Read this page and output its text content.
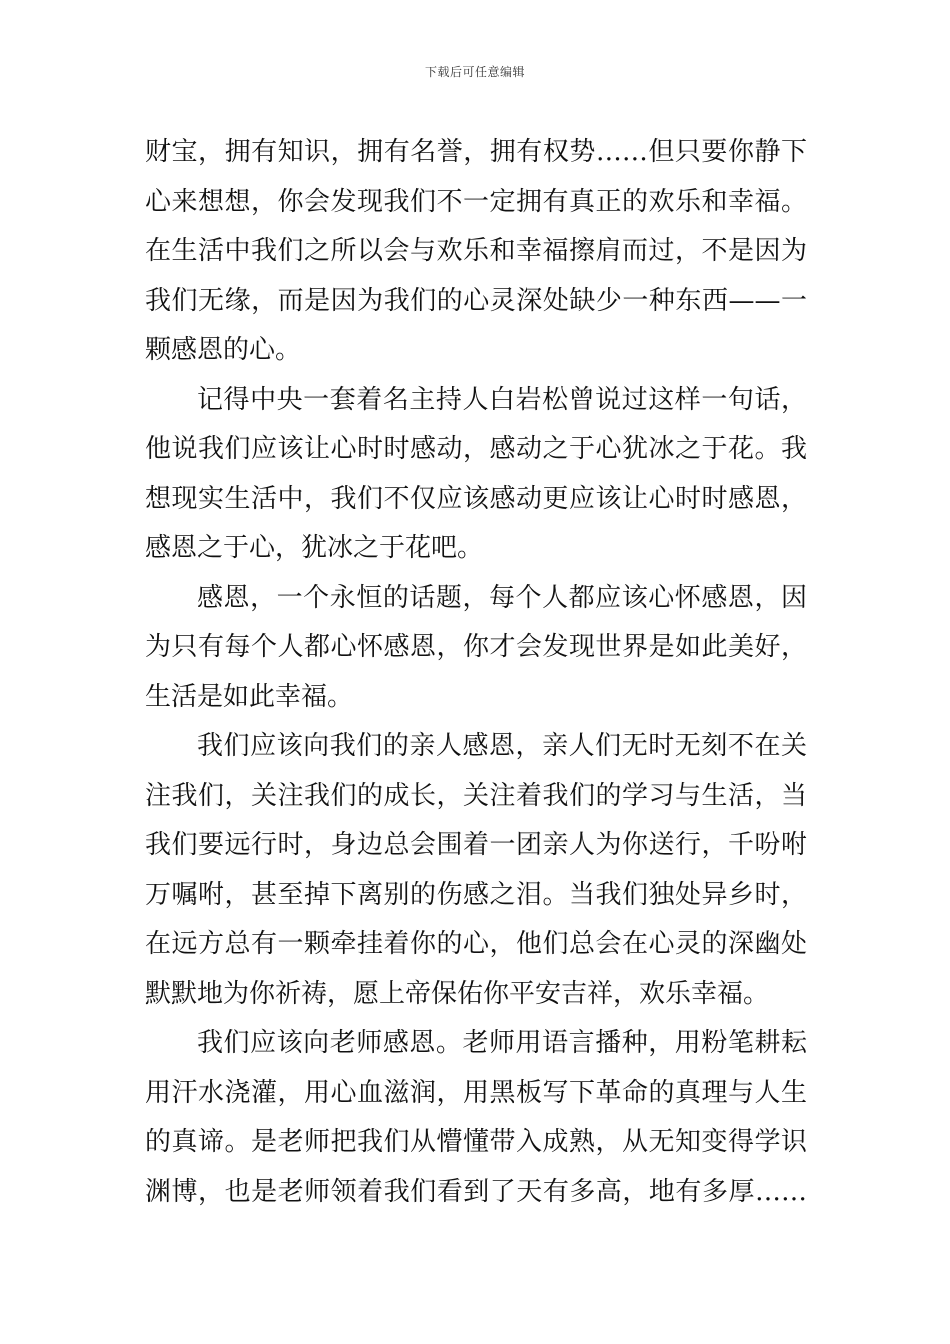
下载后可任意编辑
财宝，拥有知识，拥有名誉，拥有权势……但只要你静下
心来想想，你会发现我们不一定拥有真正的欢乐和幸福。
在生活中我们之所以会与欢乐和幸福擦肩而过，不是因为
我们无缘，而是因为我们的心灵深处缺少一种东西——一
颗感恩的心。
记得中央一套着名主持人白岩松曾说过这样一句话，
他说我们应该让心时时感动，感动之于心犹冰之于花。我
想现实生活中，我们不仅应该感动更应该让心时时感恩，
感恩之于心，犹冰之于花吧。
感恩，一个永恒的话题，每个人都应该心怀感恩，因
为只有每个人都心怀感恩，你才会发现世界是如此美好，
生活是如此幸福。
我们应该向我们的亲人感恩，亲人们无时无刻不在关
注我们，关注我们的成长，关注着我们的学习与生活，当
我们要远行时，身边总会围着一团亲人为你送行，千吩咐
万嘱咐，甚至掉下离别的伤感之泪。当我们独处异乡时，
在远方总有一颗牵挂着你的心，他们总会在心灵的深幽处
默默地为你祈祷，愿上帝保佑你平安吉祥，欢乐幸福。
我们应该向老师感恩。老师用语言播种，用粉笔耕耘
用汗水浇灌，用心血滋润，用黑板写下革命的真理与人生
的真谛。是老师把我们从懵懂带入成熟，从无知变得学识
渊博，也是老师领着我们看到了天有多高，地有多厚……
